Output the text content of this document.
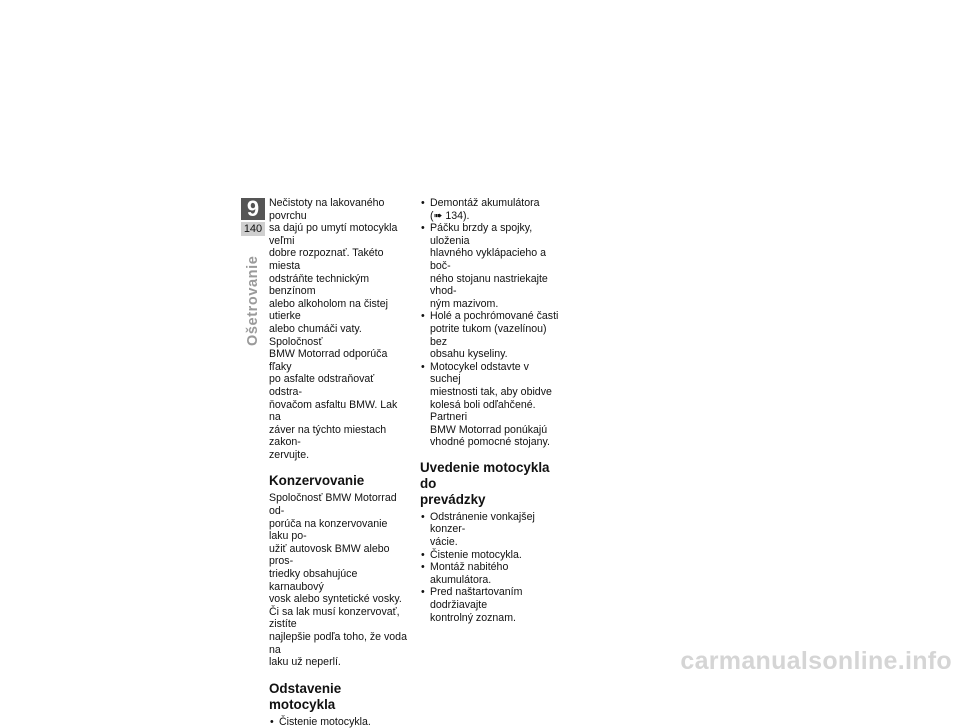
9
140
Ošetrovanie

Nečistoty na lakovaného povrchu
sa dajú po umytí motocykla veľmi
dobre rozpoznať. Takéto miesta
odstráňte technickým benzínom
alebo alkoholom na čistej utierke
alebo chumáči vaty. Spoločnosť
BMW Motorrad odporúča fľaky
po asfalte odstraňovať odstra-
ňovačom asfaltu BMW. Lak na
záver na týchto miestach zakon-
zervujte.

Konzervovanie

Spoločnosť BMW Motorrad od-
porúča na konzervovanie laku po-
užiť autovosk BMW alebo pros-
triedky obsahujúce karnaubový
vosk alebo syntetické vosky.
Či sa lak musí konzervovať, zistíte
najlepšie podľa toho, že voda na
laku už neperlí.

Odstavenie motocykla
• Čistenie motocykla.
• Demontáž akumulátora
(➠ 134).
• Páčku brzdy a spojky, uloženia
hlavného vyklápacieho a boč-
ného stojanu nastriekajte vhod-
ným mazivom.
• Holé a pochrómované časti
potrite tukom (vazelínou) bez
obsahu kyseliny.
• Motocykel odstavte v suchej
miestnosti tak, aby obidve
kolesá boli odľahčené. Partneri
BMW Motorrad ponúkajú
vhodné pomocné stojany.
Uvedenie motocykla do
prevádzky
• Odstránenie vonkajšej konzer-
vácie.
• Čistenie motocykla.
• Montáž nabitého akumulátora.
• Pred naštartovaním dodržiavajte
kontrolný zoznam.
carmanualsonline.info
